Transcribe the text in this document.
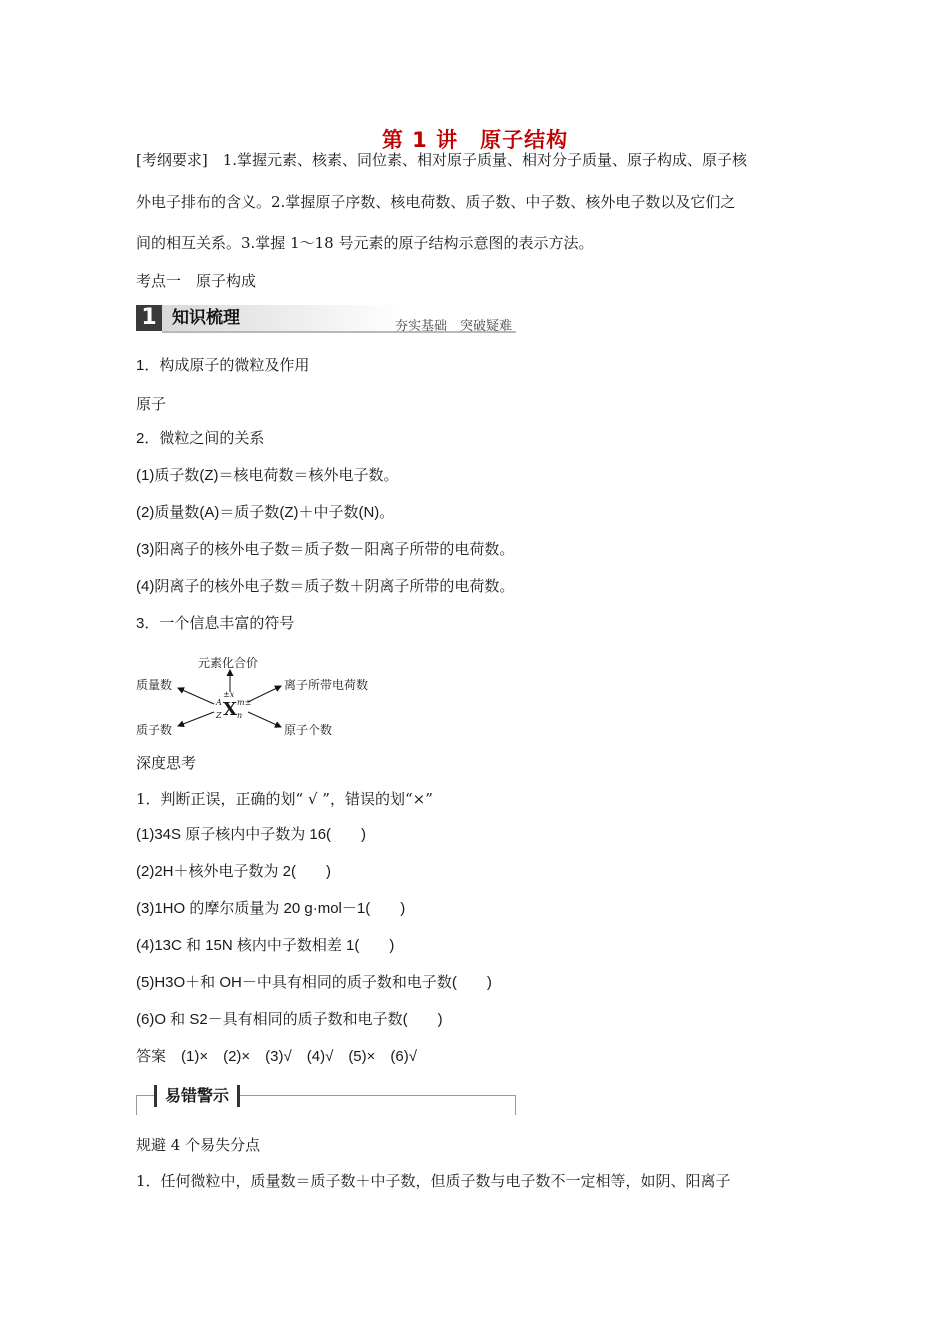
第 1 讲　原子结构
[考纲要求]　1.掌握元素、核素、同位素、相对原子质量、相对分子质量、原子构成、原子核
外电子排布的含义。2.掌握原子序数、核电荷数、质子数、中子数、核外电子数以及它们之
间的相互关系。3.掌握 1～18 号元素的原子结构示意图的表示方法。
考点一　原子构成
1 知识梳理	夯实基础　突破疑难
1．构成原子的微粒及作用
原子
2．微粒之间的关系
(1)质子数(Z)＝核电荷数＝核外电子数。
(2)质量数(A)＝质子数(Z)＋中子数(N)。
(3)阳离子的核外电子数＝质子数－阳离子所带的电荷数。
(4)阴离子的核外电子数＝质子数＋阴离子所带的电荷数。
3．一个信息丰富的符号
元素化合价
质量数
质子数
离子所带电荷数
原子个数
X
A
Z
±x
m±
n
深度思考
1．判断正误，正确的划“ √ ”，错误的划“×”
(1)34S 原子核内中子数为 16(　　)
(2)2H＋核外电子数为 2(　　)
(3)1HO 的摩尔质量为 20 g·mol－1(　　)
(4)13C 和 15N 核内中子数相差 1(　　)
(5)H3O＋和 OH－中具有相同的质子数和电子数(　　)
(6)O 和 S2－具有相同的质子数和电子数(　　)
答案　(1)×　(2)×　(3)√　(4)√　(5)×　(6)√
易错警示
规避 4 个易失分点
1．任何微粒中，质量数＝质子数＋中子数，但质子数与电子数不一定相等，如阴、阳离子
